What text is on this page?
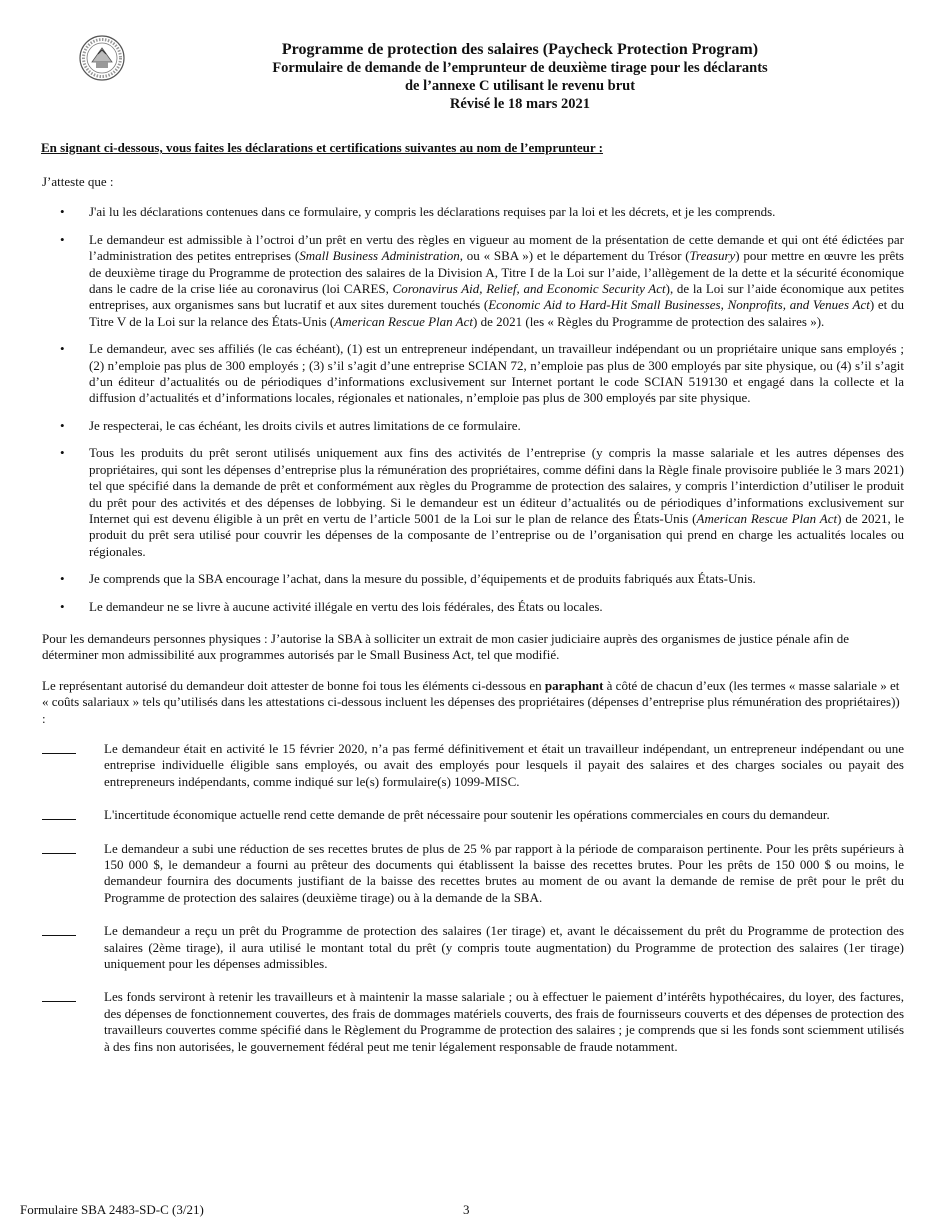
Programme de protection des salaires (Paycheck Protection Program)
Formulaire de demande de l’emprunteur de deuxième tirage pour les déclarants
de l’annexe C utilisant le revenu brut
Révisé le 18 mars 2021
En signant ci-dessous, vous faites les déclarations et certifications suivantes au nom de l’emprunteur :

J’atteste que :

• J'ai lu les déclarations contenues dans ce formulaire, y compris les déclarations requises par la loi et les décrets, et je les comprends.
• Le demandeur est admissible à l’octroi d’un prêt en vertu des règles en vigueur au moment de la présentation de cette demande et qui ont été édictées par l’administration des petites entreprises (Small Business Administration, ou « SBA ») et le département du Trésor (Treasury) pour mettre en œuvre les prêts de deuxième tirage du Programme de protection des salaires de la Division A, Titre I de la Loi sur l’aide, l’allègement de la dette et la sécurité économique dans le cadre de la crise liée au coronavirus (loi CARES, Coronavirus Aid, Relief, and Economic Security Act), de la Loi sur l’aide économique aux petites entreprises, aux organismes sans but lucratif et aux sites durement touchés (Economic Aid to Hard-Hit Small Businesses, Nonprofits, and Venues Act) et du Titre V de la Loi sur la relance des États-Unis (American Rescue Plan Act) de 2021 (les « Règles du Programme de protection des salaires »).
• Le demandeur, avec ses affiliés (le cas échéant), (1) est un entrepreneur indépendant, un travailleur indépendant ou un propriétaire unique sans employés ; (2) n’emploie pas plus de 300 employés ; (3) s’il s’agit d’une entreprise SCIAN 72, n’emploie pas plus de 300 employés par site physique, ou (4) s’il s’agit d’un éditeur d’actualités ou de périodiques d’informations exclusivement sur Internet portant le code SCIAN 519130 et engagé dans la collecte et la diffusion d’actualités et d’informations locales, régionales et nationales, n’emploie pas plus de 300 employés par site physique.
• Je respecterai, le cas échéant, les droits civils et autres limitations de ce formulaire.
• Tous les produits du prêt seront utilisés uniquement aux fins des activités de l’entreprise (y compris la masse salariale et les autres dépenses des propriétaires, qui sont les dépenses d’entreprise plus la rémunération des propriétaires, comme défini dans la Règle finale provisoire publiée le 3 mars 2021) tel que spécifié dans la demande de prêt et conformément aux règles du Programme de protection des salaires, y compris l’interdiction d’utiliser le produit du prêt pour des activités et des dépenses de lobbying. Si le demandeur est un éditeur d’actualités ou de périodiques d’informations exclusivement sur Internet qui est devenu éligible à un prêt en vertu de l’article 5001 de la Loi sur le plan de relance des États-Unis (American Rescue Plan Act) de 2021, le produit du prêt sera utilisé pour couvrir les dépenses de la composante de l’entreprise ou de l’organisation qui prend en charge les actualités locales ou régionales.
• Je comprends que la SBA encourage l’achat, dans la mesure du possible, d’équipements et de produits fabriqués aux États-Unis.
• Le demandeur ne se livre à aucune activité illégale en vertu des lois fédérales, des États ou locales.

Pour les demandeurs personnes physiques : J’autorise la SBA à solliciter un extrait de mon casier judiciaire auprès des organismes de justice pénale afin de déterminer mon admissibilité aux programmes autorisés par le Small Business Act, tel que modifié.

Le représentant autorisé du demandeur doit attester de bonne foi tous les éléments ci-dessous en paraphant à côté de chacun d’eux (les termes « masse salariale » et « coûts salariaux » tels qu’utilisés dans les attestations ci-dessous incluent les dépenses des propriétaires (dépenses d’entreprise plus rémunération des propriétaires)) :

Le demandeur était en activité le 15 février 2020, n’a pas fermé définitivement et était un travailleur indépendant, un entrepreneur indépendant ou une entreprise individuelle éligible sans employés, ou avait des employés pour lesquels il payait des salaires et des charges sociales ou payait des entrepreneurs indépendants, comme indiqué sur le(s) formulaire(s) 1099-MISC.
L'incertitude économique actuelle rend cette demande de prêt nécessaire pour soutenir les opérations commerciales en cours du demandeur.
Le demandeur a subi une réduction de ses recettes brutes de plus de 25 % par rapport à la période de comparaison pertinente. Pour les prêts supérieurs à 150 000 $, le demandeur a fourni au prêteur des documents qui établissent la baisse des recettes brutes. Pour les prêts de 150 000 $ ou moins, le demandeur fournira des documents justifiant de la baisse des recettes brutes au moment de ou avant la demande de remise de prêt pour le prêt du Programme de protection des salaires (deuxième tirage) ou à la demande de la SBA.
Le demandeur a reçu un prêt du Programme de protection des salaires (1er tirage) et, avant le décaissement du prêt du Programme de protection des salaires (2ème tirage), il aura utilisé le montant total du prêt (y compris toute augmentation) du Programme de protection des salaires (1er tirage) uniquement pour les dépenses admissibles.
Les fonds serviront à retenir les travailleurs et à maintenir la masse salariale ; ou à effectuer le paiement d’intérêts hypothécaires, du loyer, des factures, des dépenses de fonctionnement couvertes, des frais de dommages matériels couverts, des frais de fournisseurs couverts et des dépenses de protection des travailleurs couvertes comme spécifié dans le Règlement du Programme de protection des salaires ; je comprends que si les fonds sont sciemment utilisés à des fins non autorisées, le gouvernement fédéral peut me tenir légalement responsable de fraude notamment.
Formulaire SBA 2483-SD-C (3/21)	3
